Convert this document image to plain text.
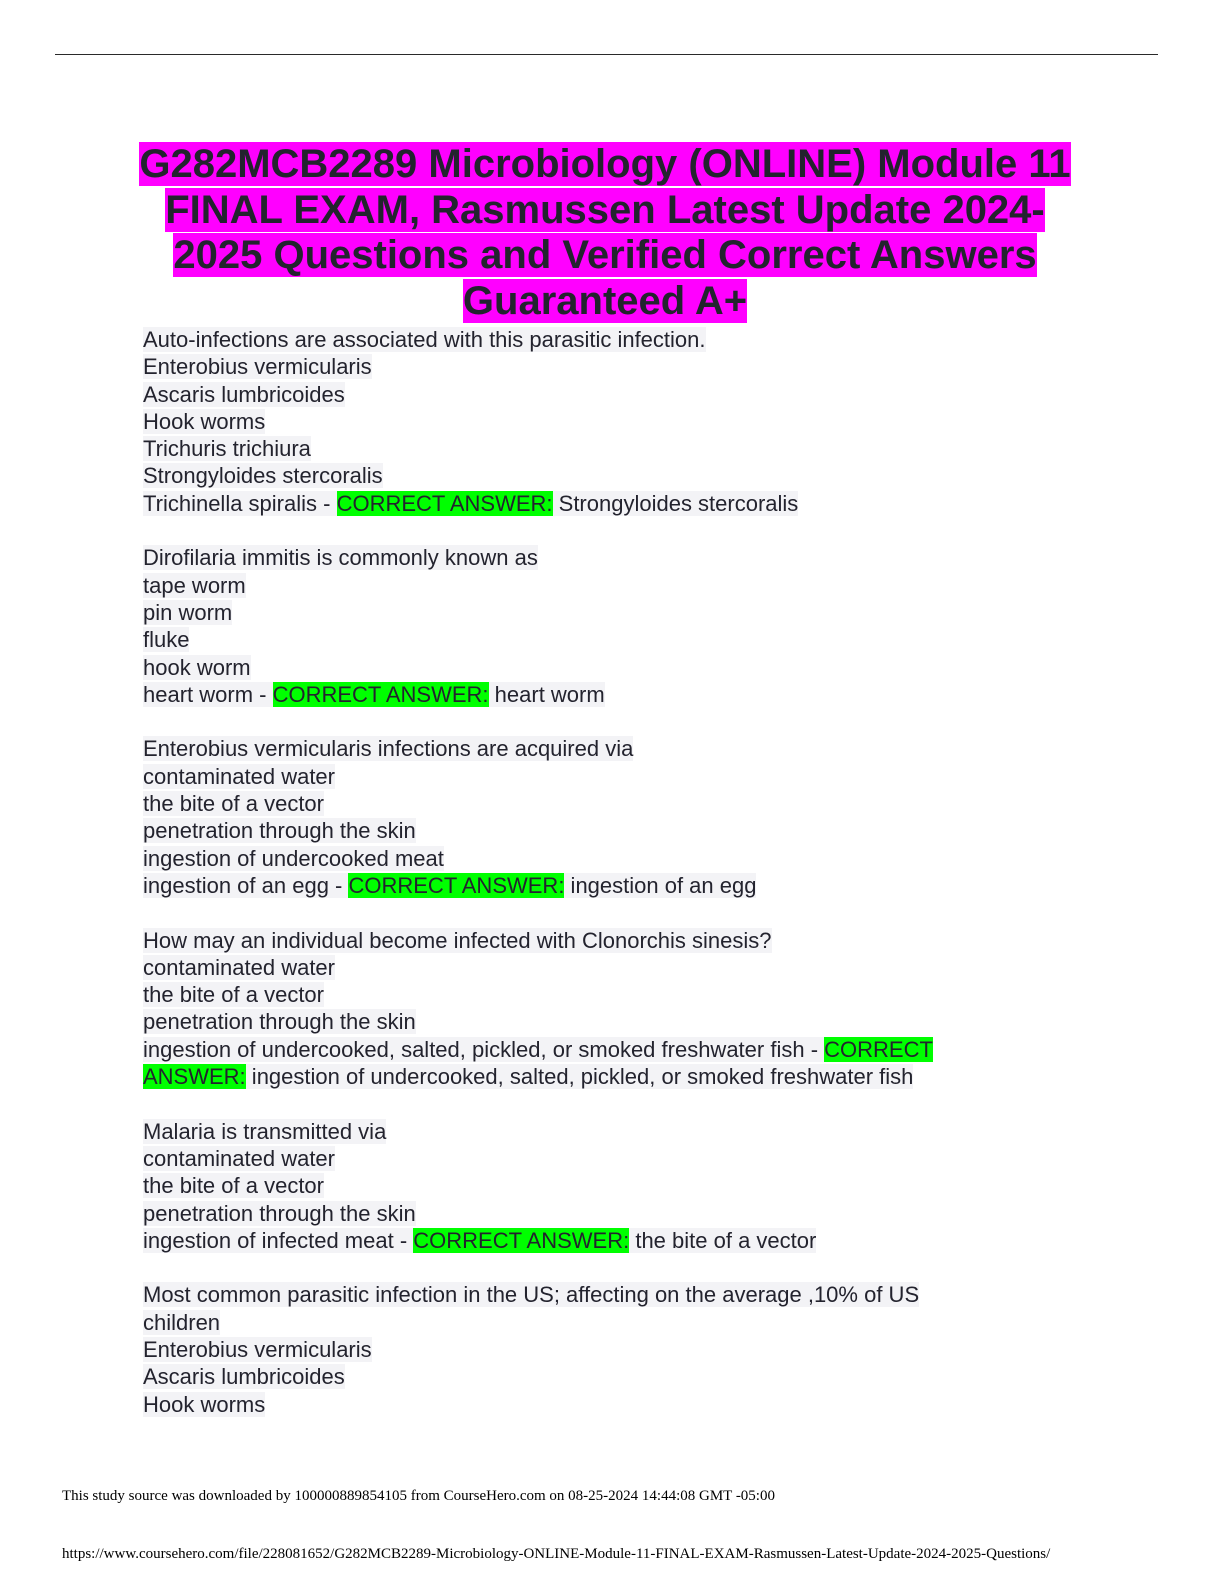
G282MCB2289 Microbiology (ONLINE) Module 11
FINAL EXAM, Rasmussen Latest Update 2024-
2025 Questions and Verified Correct Answers
Guaranteed A+
Auto-infections are associated with this parasitic infection.
Enterobius vermicularis
Ascaris lumbricoides
Hook worms
Trichuris trichiura
Strongyloides stercoralis
Trichinella spiralis - CORRECT ANSWER: Strongyloides stercoralis
Dirofilaria immitis is commonly known as
tape worm
pin worm
fluke
hook worm
heart worm - CORRECT ANSWER: heart worm
Enterobius vermicularis infections are acquired via
contaminated water
the bite of a vector
penetration through the skin
ingestion of undercooked meat
ingestion of an egg - CORRECT ANSWER: ingestion of an egg
How may an individual become infected with Clonorchis sinesis?
contaminated water
the bite of a vector
penetration through the skin
ingestion of undercooked, salted, pickled, or smoked freshwater fish - CORRECT
ANSWER: ingestion of undercooked, salted, pickled, or smoked freshwater fish
Malaria is transmitted via
contaminated water
the bite of a vector
penetration through the skin
ingestion of infected meat - CORRECT ANSWER: the bite of a vector
Most common parasitic infection in the US; affecting on the average ,10% of US
children
Enterobius vermicularis
Ascaris lumbricoides
Hook worms
This study source was downloaded by 100000889854105 from CourseHero.com on 08-25-2024 14:44:08 GMT -05:00
https://www.coursehero.com/file/228081652/G282MCB2289-Microbiology-ONLINE-Module-11-FINAL-EXAM-Rasmussen-Latest-Update-2024-2025-Questions/
